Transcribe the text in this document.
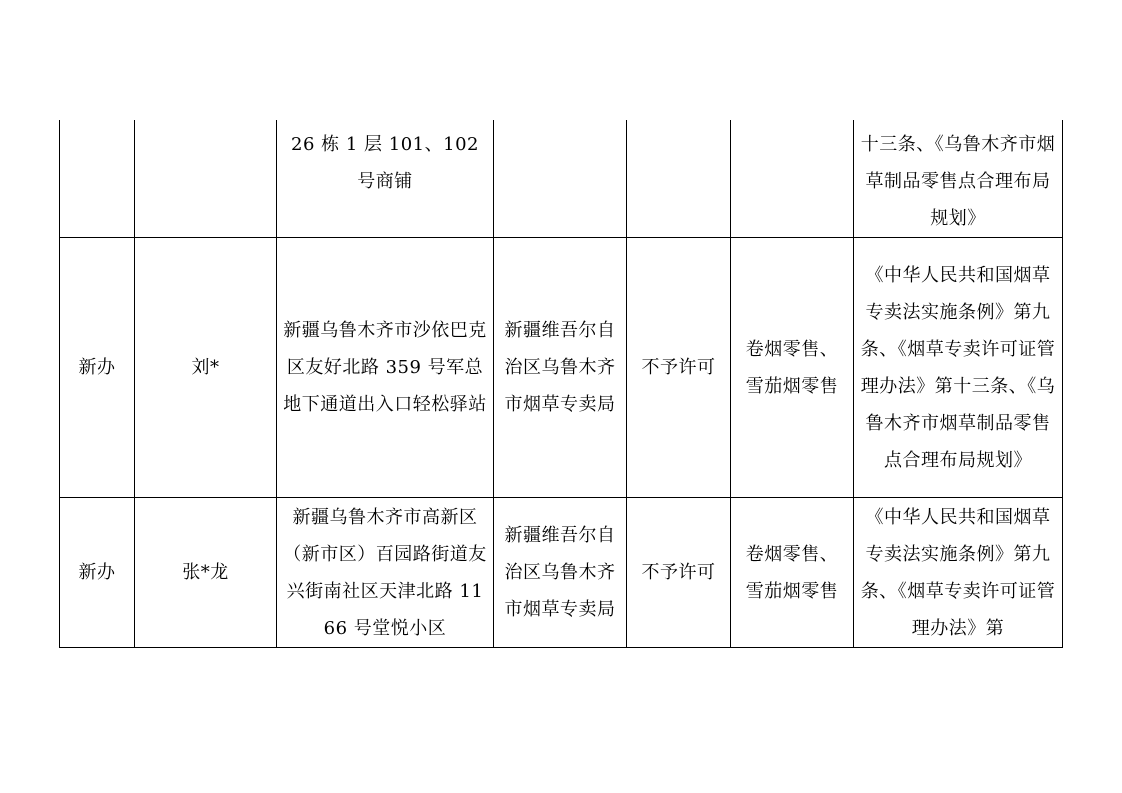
		26 栋 1 层 101、102 号商铺				十三条、《乌鲁木齐市烟草制品零售点合理布局规划》

新办	刘*	新疆乌鲁木齐市沙依巴克区友好北路 359 号军总地下通道出入口轻松驿站	新疆维吾尔自治区乌鲁木齐市烟草专卖局	不予许可	卷烟零售、雪茄烟零售	《中华人民共和国烟草专卖法实施条例》第九条、《烟草专卖许可证管理办法》第十三条、《乌鲁木齐市烟草制品零售点合理布局规划》
新办	张*龙	新疆乌鲁木齐市高新区（新市区）百园路街道友兴街南社区天津北路 1166 号堂悦小区	新疆维吾尔自治区乌鲁木齐市烟草专卖局	不予许可	卷烟零售、雪茄烟零售	《中华人民共和国烟草专卖法实施条例》第九条、《烟草专卖许可证管理办法》第
